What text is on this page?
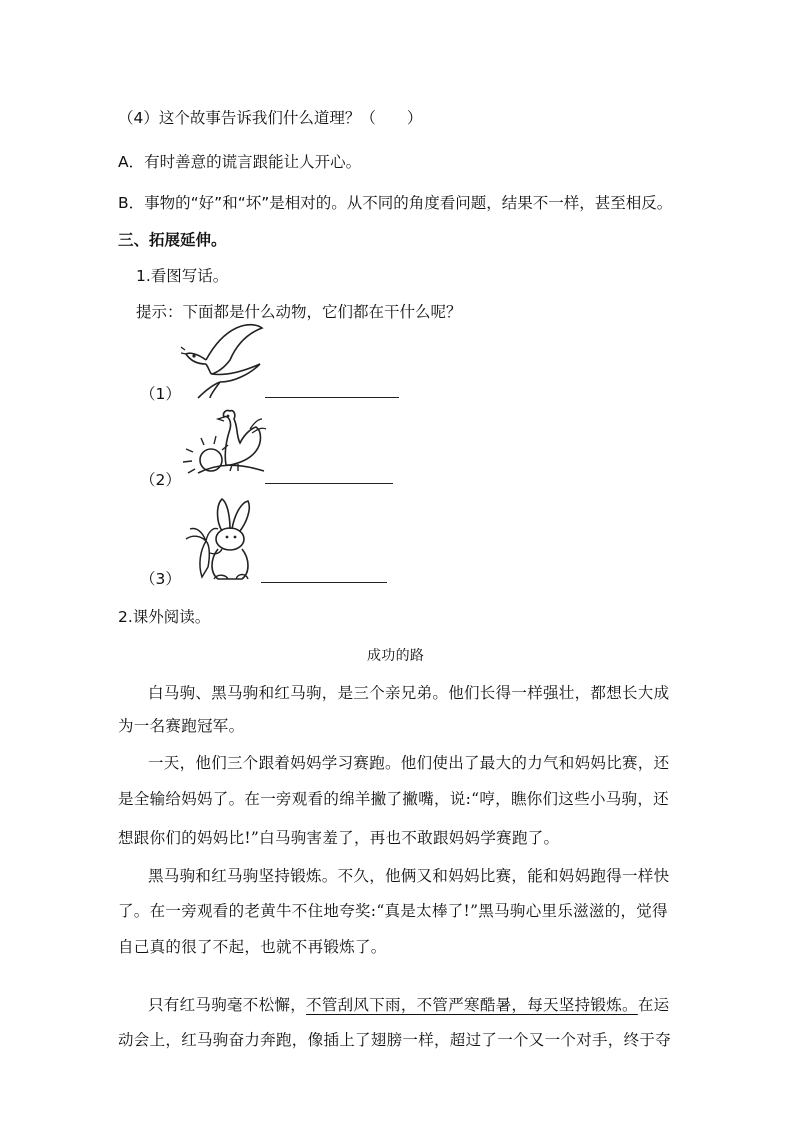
（4）这个故事告诉我们什么道理？（　　）
A．有时善意的谎言跟能让人开心。
B．事物的“好”和“坏”是相对的。从不同的角度看问题，结果不一样，甚至相反。
三、拓展延伸。
1.看图写话。
提示：下面都是什么动物，它们都在干什么呢？
（1）
（2）
（3）
2.课外阅读。
成功的路
白马驹、黑马驹和红马驹，是三个亲兄弟。他们长得一样强壮，都想长大成
为一名赛跑冠军。
一天，他们三个跟着妈妈学习赛跑。他们使出了最大的力气和妈妈比赛，还
是全输给妈妈了。在一旁观看的绵羊撇了撇嘴，说:“哼，瞧你们这些小马驹，还
想跟你们的妈妈比!”白马驹害羞了，再也不敢跟妈妈学赛跑了。
黑马驹和红马驹坚持锻炼。不久，他俩又和妈妈比赛，能和妈妈跑得一样快
了。在一旁观看的老黄牛不住地夸奖:“真是太棒了!”黑马驹心里乐滋滋的，觉得
自己真的很了不起，也就不再锻炼了。
只有红马驹毫不松懈，不管刮风下雨，不管严寒酷暑，每天坚持锻炼。在运
动会上，红马驹奋力奔跑，像插上了翅膀一样，超过了一个又一个对手，终于夺
